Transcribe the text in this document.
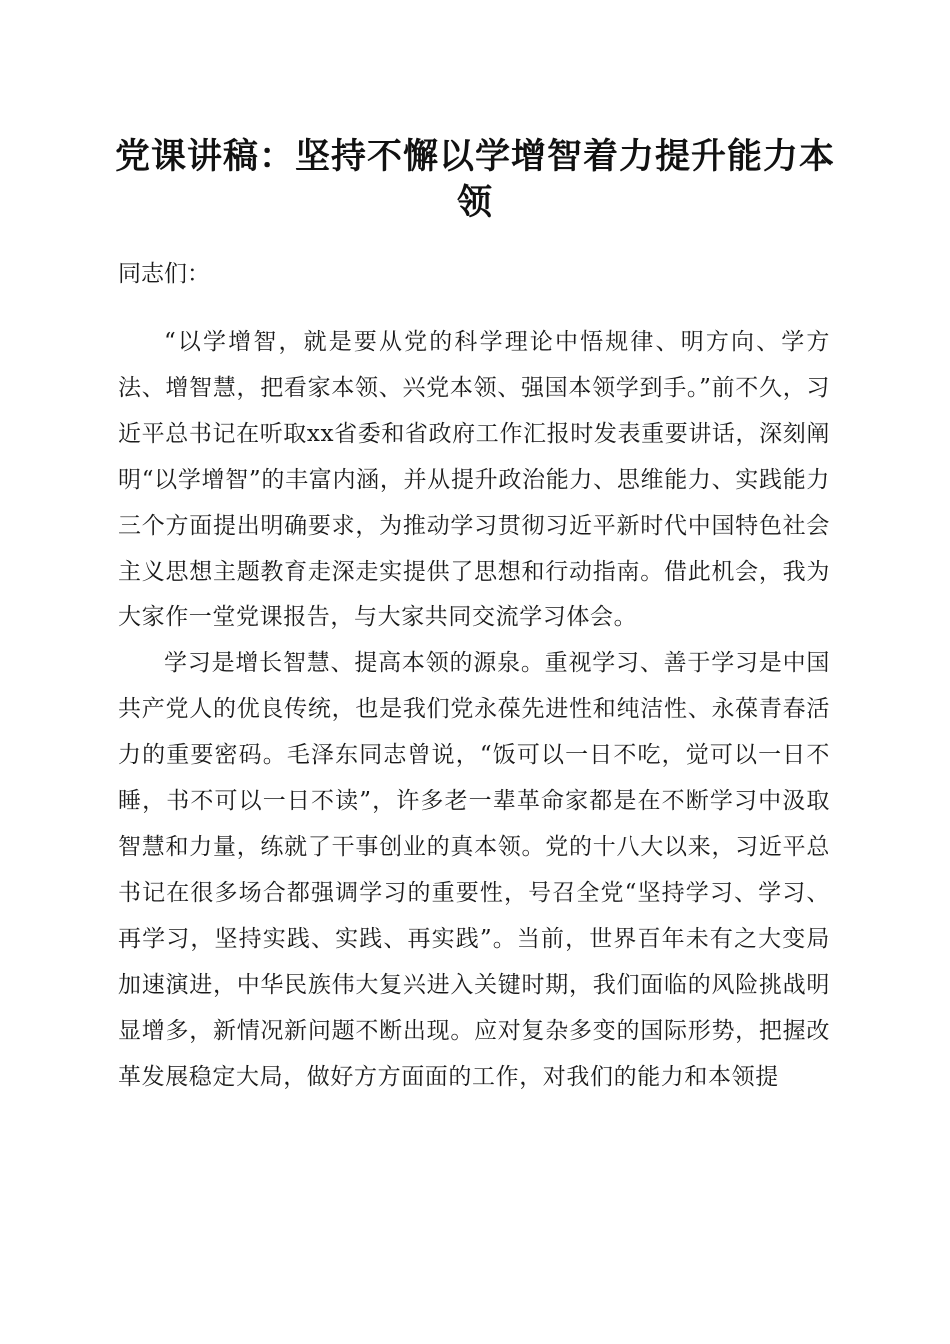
党课讲稿：坚持不懈以学增智着力提升能力本领

同志们：

“以学增智，就是要从党的科学理论中悟规律、明方向、学方法、增智慧，把看家本领、兴党本领、强国本领学到手。”前不久，习近平总书记在听取xx省委和省政府工作汇报时发表重要讲话，深刻阐明“以学增智”的丰富内涵，并从提升政治能力、思维能力、实践能力三个方面提出明确要求，为推动学习贯彻习近平新时代中国特色社会主义思想主题教育走深走实提供了思想和行动指南。借此机会，我为大家作一堂党课报告，与大家共同交流学习体会。

学习是增长智慧、提高本领的源泉。重视学习、善于学习是中国共产党人的优良传统，也是我们党永葆先进性和纯洁性、永葆青春活力的重要密码。毛泽东同志曾说，“饭可以一日不吃，觉可以一日不睡，书不可以一日不读”，许多老一辈革命家都是在不断学习中汲取智慧和力量，练就了干事创业的真本领。党的十八大以来，习近平总书记在很多场合都强调学习的重要性，号召全党“坚持学习、学习、再学习，坚持实践、实践、再实践”。当前，世界百年未有之大变局加速演进，中华民族伟大复兴进入关键时期，我们面临的风险挑战明显增多，新情况新问题不断出现。应对复杂多变的国际形势，把握改革发展稳定大局，做好方方面面的工作，对我们的能力和本领提
